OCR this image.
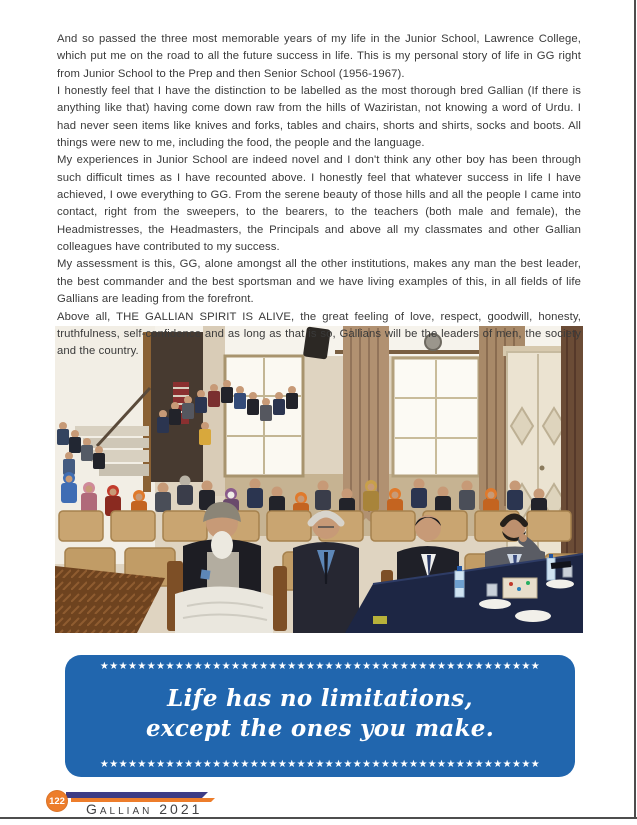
And so passed the three most memorable years of my life in the Junior School, Lawrence College, which put me on the road to all the future success in life. This is my personal story of life in GG right from Junior School to the Prep and then Senior School (1956-1967).

I honestly feel that I have the distinction to be labelled as the most thorough bred Gallian (If there is anything like that) having come down raw from the hills of Waziristan, not knowing a word of Urdu. I had never seen items like knives and forks, tables and chairs, shorts and shirts, socks and boots. All things were new to me, including the food, the people and the language.

My experiences in Junior School are indeed novel and I don't think any other boy has been through such difficult times as I have recounted above. I honestly feel that whatever success in life I have achieved, I owe everything to GG. From the serene beauty of those hills and all the people I came into contact, right from the sweepers, to the bearers, to the teachers (both male and female), the Headmistresses, the Headmasters, the Principals and above all my classmates and other Gallian colleagues have contributed to my success.

My assessment is this, GG, alone amongst all the other institutions, makes any man the best leader, the best commander and the best sportsman and we have living examples of this, in all fields of life Gallians are leading from the forefront.

Above all, THE GALLIAN SPIRIT IS ALIVE, the great feeling of love, respect, goodwill, honesty, truthfulness, self-confidence and as long as that is so, Gallians will be the leaders of men, the society and the country.

★★★★★★★★★★★★★★★★★★★★★★★★★★★★★★★★★★★★★★★★★★★★★★★
Life has no limitations,
except the ones you make.
★★★★★★★★★★★★★★★★★★★★★★★★★★★★★★★★★★★★★★★★★★★★★★★
122 Gallian 2021
